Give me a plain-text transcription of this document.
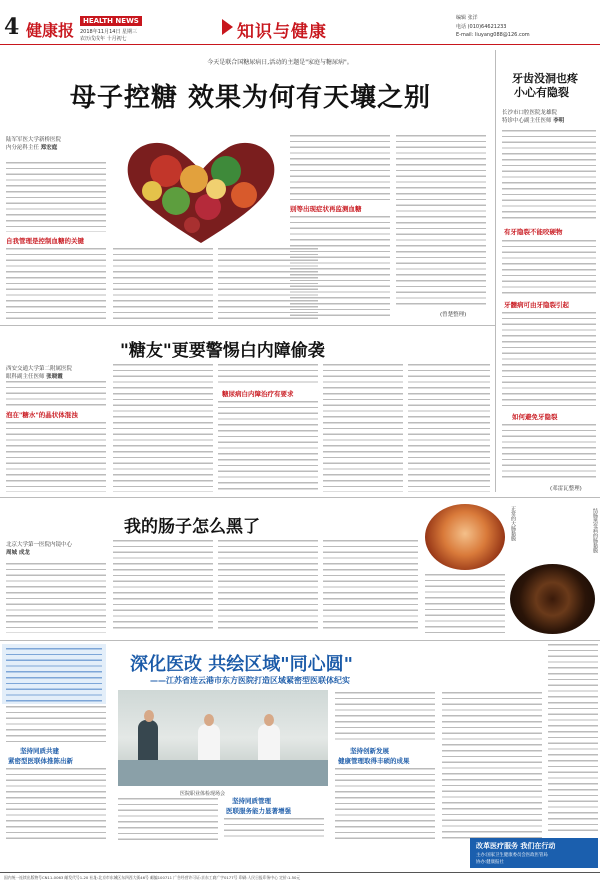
4 健康报	HEALTH NEWS
2018年11月14日 星期三
农历戊戌年 十月初七	知识与健康
编辑 张洋
电话 (010)64621233
E-mail: liuyang088@126.com
今天是联合国糖尿病日,活动的主题是"家庭与糖尿病"。
母子控糖 效果为何有天壤之别
陆军军医大学新桥医院
内分泌科主任 郑宏庭
自我管理是控制血糖的关键
别等出现症状再监测血糖
(曾楚整理)
牙齿没洞也疼
小心有隐裂
长沙市口腔医院龙雄院
特诊中心副主任医师 李明
有牙隐裂不能咬硬物
牙髓病可由牙隐裂引起
如何避免牙隐裂
(邓雷瓦整理)
"糖友"更要警惕白内障偷袭
西安交通大学第二附属医院
眼科副主任医师 张晓霞
泡在"糖水"的晶状体混浊
糖尿病白内障治疗有要求
我的肠子怎么黑了
北京大学第一医院内镜中心
周城 成龙
正常的大肠黏膜	结肠黑变病的肠黏膜
深化医改 共绘区域"同心圆"
——江苏省连云港市东方医院打造区域紧密型医联体纪实
医院职业体检现场会
坚持同质共建
紧密型医联体推陈出新
坚持同质管理
医联服务能力显著增强
坚持创新发展
健康管理取得丰硕的成果
改革医疗服务 我们在行动
主办:国家卫生健康委员会医政医管局
协办:健康报社
国内统一连续出版物号CN11-0063 邮发代号1-20 社址:北京市东城区东四西大街46号 邮编100711 广告经营许可证:京东工商广字0177号 印刷:人民日报印务中心 定价:1.50元
